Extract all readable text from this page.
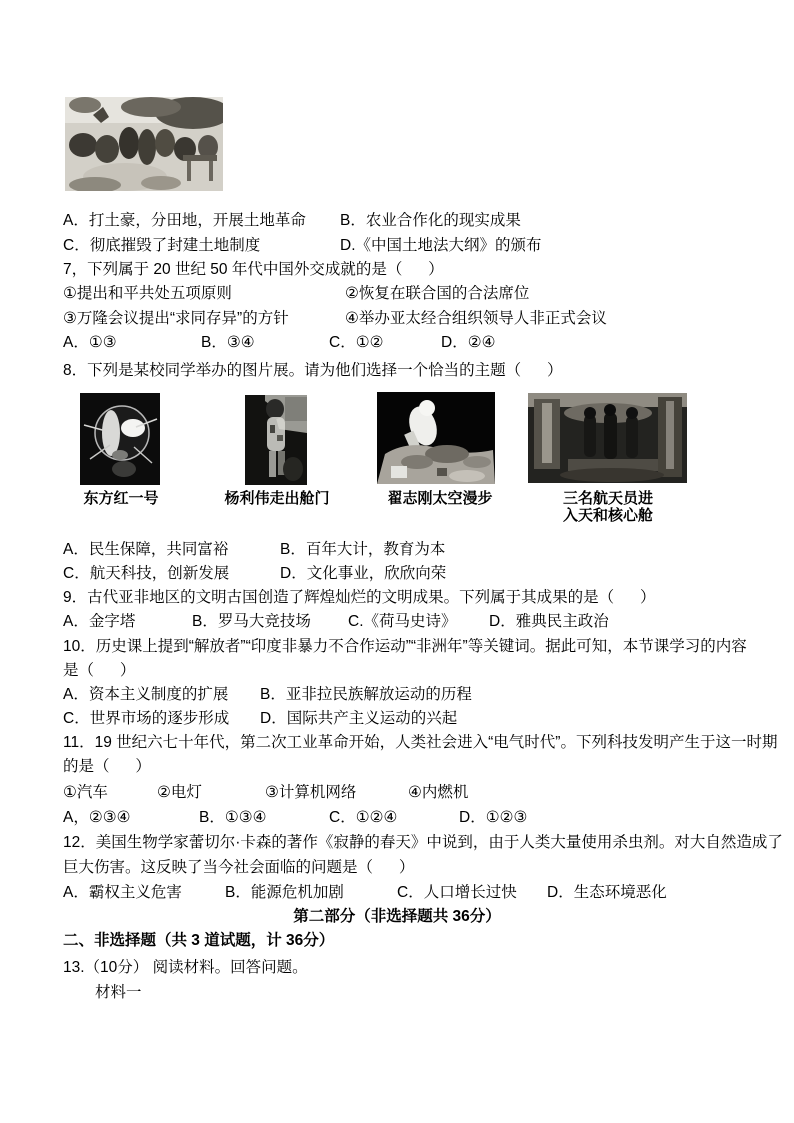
A．打土豪，分田地，开展土地革命 B．农业合作化的现实成果
C．彻底摧毁了封建土地制度	D.《中国土地法大纲》的颁布
7，下列属于 20 世纪 50 年代中国外交成就的是（      ）
①提出和平共处五项原则	②恢复在联合国的合法席位
③万隆会议提出“求同存异”的方针	④举办亚太经合组织领导人非正式会议
A．①③	B．③④	C．①②	D．②④
8．下列是某校同学举办的图片展。请为他们选择一个恰当的主题（      ）
东方红一号	杨利伟走出舱门	翟志刚太空漫步	三名航天员进
入天和核心舱
A．民生保障，共同富裕	B．百年大计，教育为本
C．航天科技，创新发展	D．文化事业，欣欣向荣
9．古代亚非地区的文明古国创造了辉煌灿烂的文明成果。下列属于其成果的是（      ）
A．金字塔	B．罗马大竞技场 C.《荷马史诗》 D．雅典民主政治
10．历史课上提到“解放者”“印度非暴力不合作运动”“非洲年”等关键词。据此可知，本节课学习的内容
是（      ）
A．资本主义制度的扩展 B．亚非拉民族解放运动的历程
C．世界市场的逐步形成 D．国际共产主义运动的兴起
11．19 世纪六七十年代，第二次工业革命开始，人类社会进入“电气时代”。下列科技发明产生于这一时期
的是（      ）
①汽车	②电灯	③计算机网络	④内燃机
A，②③④	B．①③④	C．①②④	D．①②③
12．美国生物学家蕾切尔·卡森的著作《寂静的春天》中说到，由于人类大量使用杀虫剂。对大自然造成了
巨大伤害。这反映了当今社会面临的问题是（      ）
A．霸权主义危害	B．能源危机加剧	C．人口增长过快 D．生态环境恶化
第二部分（非选择题共 36分）
二、非选择题（共 3 道试题，计 36分）
13.（10分） 阅读材料。回答问题。
材料一
